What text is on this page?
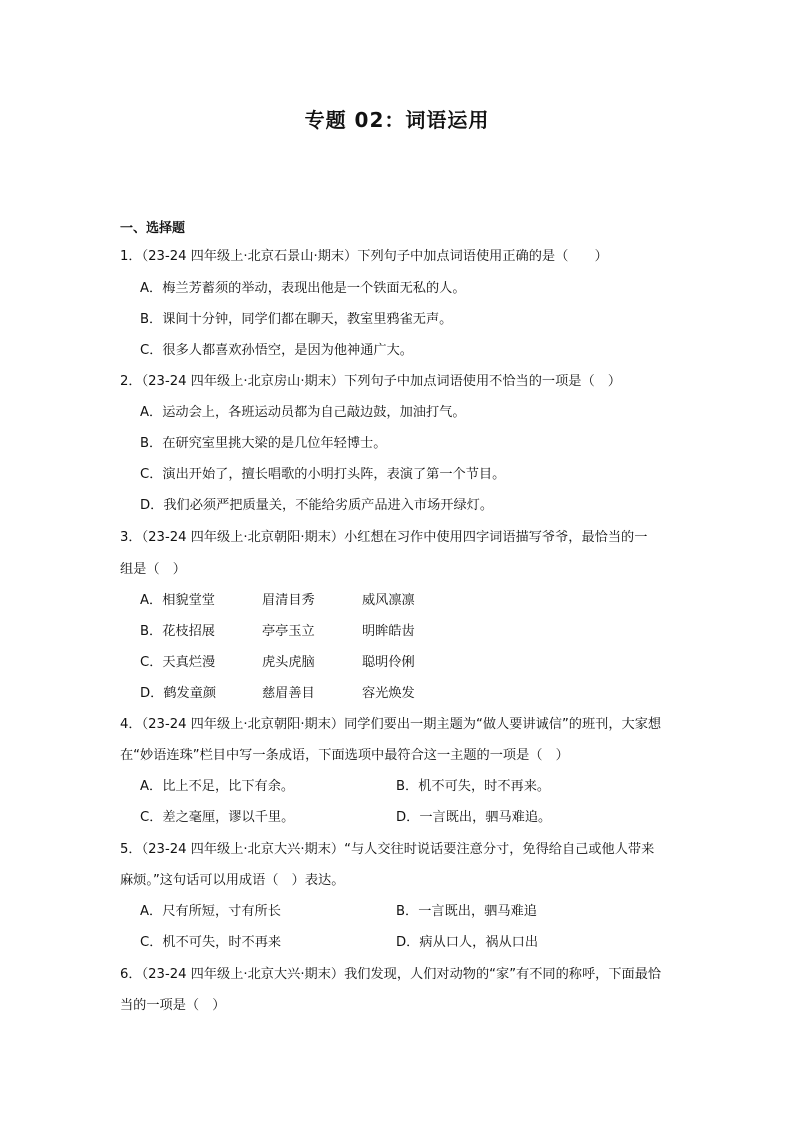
专题 02：词语运用
一、选择题
1．（23-24 四年级上·北京石景山·期末）下列句子中加点词语使用正确的是（　　）
A．梅兰芳蓄须的举动，表现出他是一个铁面无私的人。
B．课间十分钟，同学们都在聊天，教室里鸦雀无声。
C．很多人都喜欢孙悟空，是因为他神通广大。
2．（23-24 四年级上·北京房山·期末）下列句子中加点词语使用不恰当的一项是（　）
A．运动会上，各班运动员都为自己敲边鼓，加油打气。
B．在研究室里挑大梁的是几位年轻博士。
C．演出开始了，擅长唱歌的小明打头阵，表演了第一个节目。
D．我们必须严把质量关，不能给劣质产品进入市场开绿灯。
3．（23-24 四年级上·北京朝阳·期末）小红想在习作中使用四字词语描写爷爷，最恰当的一
组是（　）
A．相貌堂堂	眉清目秀	威风凛凛
B．花枝招展	亭亭玉立	明眸皓齿
C．天真烂漫	虎头虎脑	聪明伶俐
D．鹤发童颜	慈眉善目	容光焕发
4．（23-24 四年级上·北京朝阳·期末）同学们要出一期主题为“做人要讲诚信”的班刊，大家想
在“妙语连珠”栏目中写一条成语，下面选项中最符合这一主题的一项是（　）
A．比上不足，比下有余。	B．机不可失，时不再来。
C．差之毫厘，谬以千里。	D．一言既出，驷马难追。
5．（23-24 四年级上·北京大兴·期末）“与人交往时说话要注意分寸，免得给自己或他人带来
麻烦。”这句话可以用成语（　）表达。
A．尺有所短，寸有所长	B．一言既出，驷马难追
C．机不可失，时不再来	D．病从口人，祸从口出
6．（23-24 四年级上·北京大兴·期末）我们发现，人们对动物的“家”有不同的称呼，下面最恰
当的一项是（　）
